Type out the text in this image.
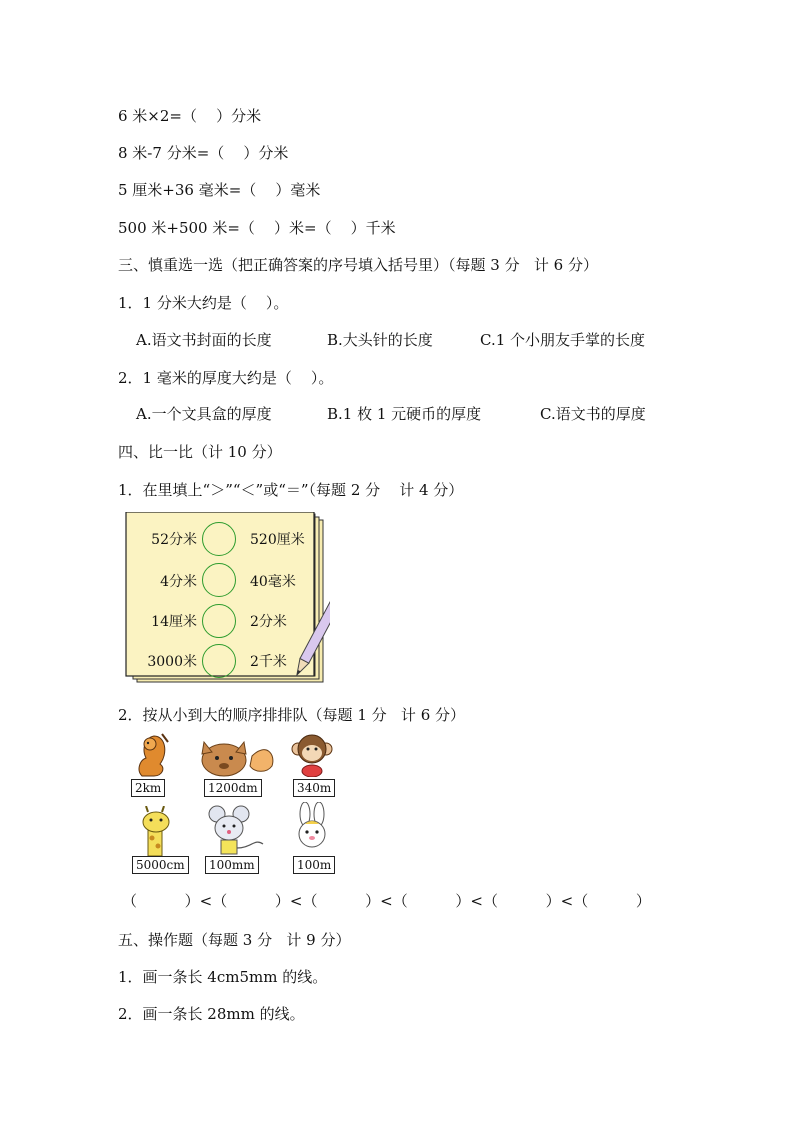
6 米×2=（    ）分米
8 米-7 分米=（    ）分米
5 厘米+36 毫米=（    ）毫米
500 米+500 米=（    ）米=（    ）千米
三、慎重选一选（把正确答案的序号填入括号里）（每题 3 分   计 6 分）
1．1 分米大约是（    ）。
A.语文书封面的长度	B.大头针的长度	C.1 个小朋友手掌的长度
2．1 毫米的厚度大约是（    ）。
A.一个文具盒的厚度	B.1 枚 1 元硬币的厚度	C.语文书的厚度
四、比一比（计 10 分）
1．在里填上“＞”“＜”或“＝”（每题 2 分    计 4 分）
52分米	520厘米
4分米	40毫米
14厘米	2分米
3000米	2千米
2．按从小到大的顺序排排队（每题 1 分   计 6 分）
2km	1200dm	340m
5000cm	100mm	100m
（          ）<（          ）<（          ）<（          ）<（          ）<（          ）
五、操作题（每题 3 分   计 9 分）
1．画一条长 4cm5mm 的线。
2．画一条长 28mm 的线。
